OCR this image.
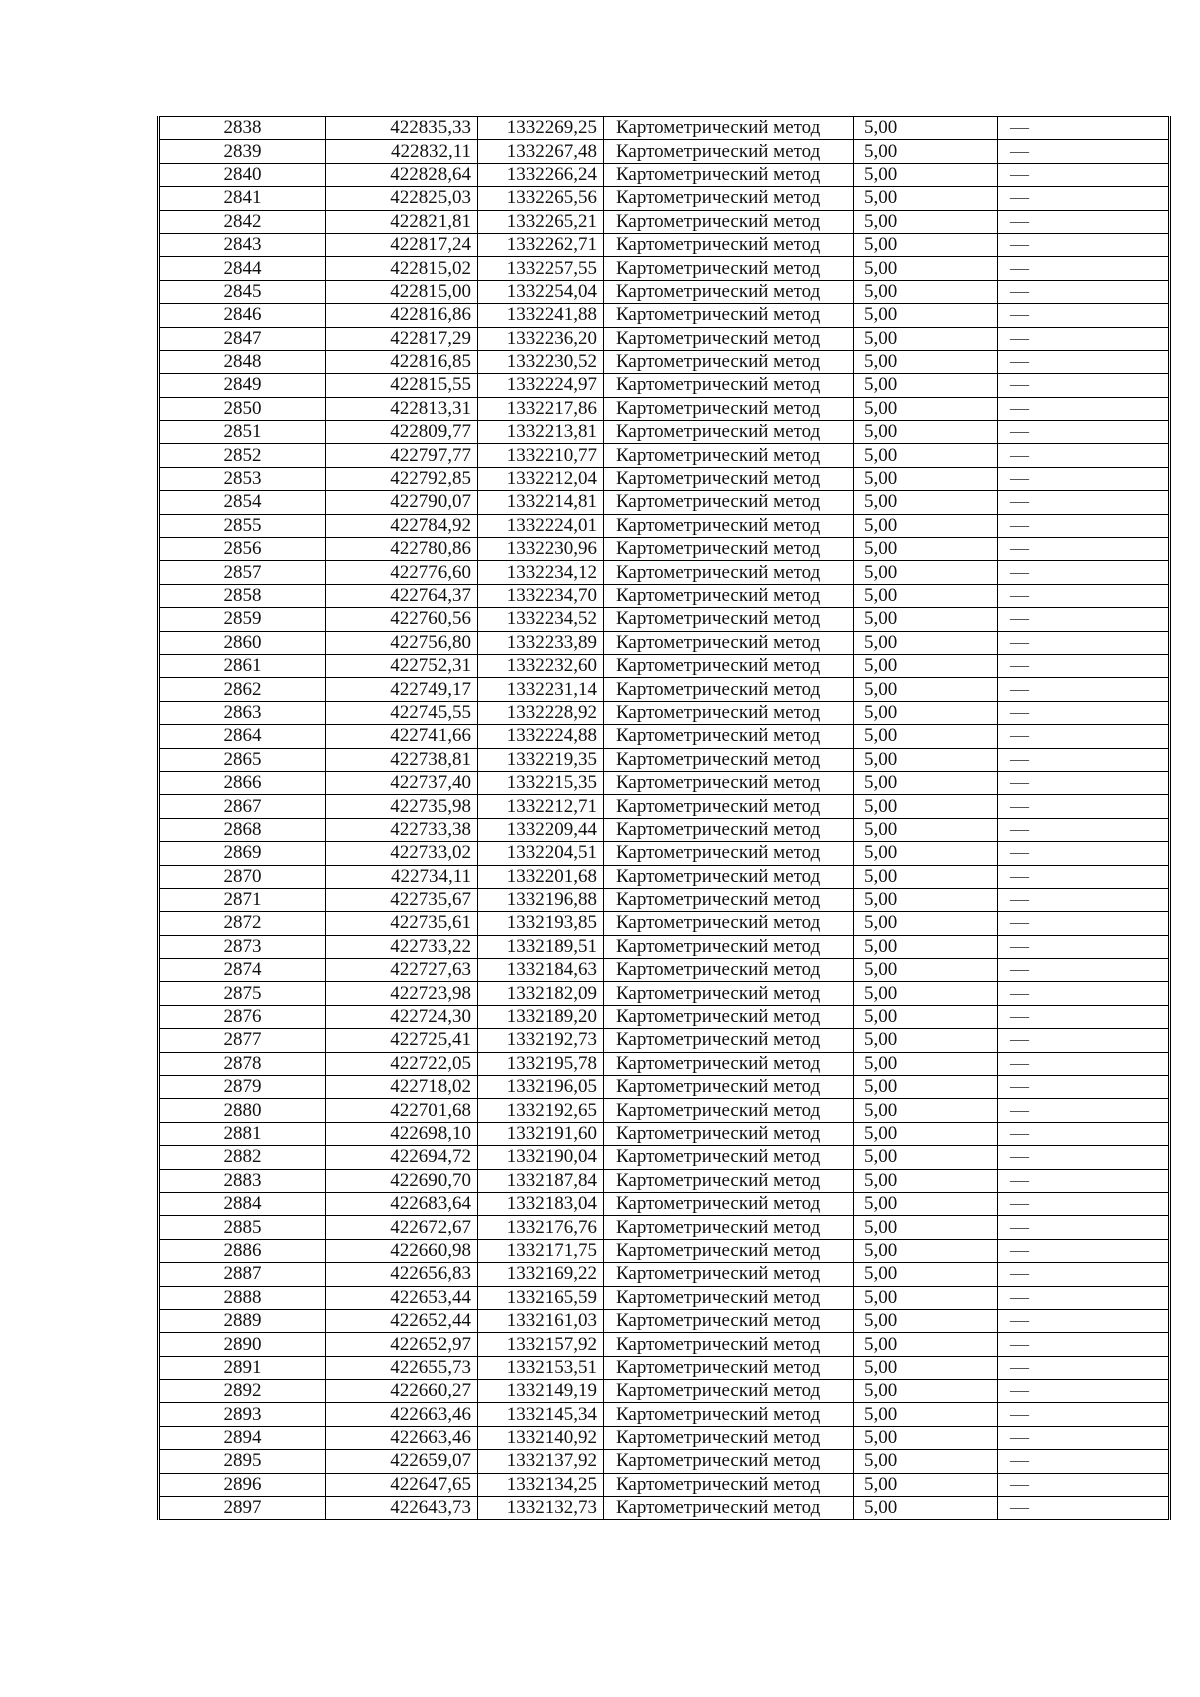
2838	422835,33	1332269,25	Картометрический метод	5,00	—
2839	422832,11	1332267,48	Картометрический метод	5,00	—
2840	422828,64	1332266,24	Картометрический метод	5,00	—
2841	422825,03	1332265,56	Картометрический метод	5,00	—
2842	422821,81	1332265,21	Картометрический метод	5,00	—
2843	422817,24	1332262,71	Картометрический метод	5,00	—
2844	422815,02	1332257,55	Картометрический метод	5,00	—
2845	422815,00	1332254,04	Картометрический метод	5,00	—
2846	422816,86	1332241,88	Картометрический метод	5,00	—
2847	422817,29	1332236,20	Картометрический метод	5,00	—
2848	422816,85	1332230,52	Картометрический метод	5,00	—
2849	422815,55	1332224,97	Картометрический метод	5,00	—
2850	422813,31	1332217,86	Картометрический метод	5,00	—
2851	422809,77	1332213,81	Картометрический метод	5,00	—
2852	422797,77	1332210,77	Картометрический метод	5,00	—
2853	422792,85	1332212,04	Картометрический метод	5,00	—
2854	422790,07	1332214,81	Картометрический метод	5,00	—
2855	422784,92	1332224,01	Картометрический метод	5,00	—
2856	422780,86	1332230,96	Картометрический метод	5,00	—
2857	422776,60	1332234,12	Картометрический метод	5,00	—
2858	422764,37	1332234,70	Картометрический метод	5,00	—
2859	422760,56	1332234,52	Картометрический метод	5,00	—
2860	422756,80	1332233,89	Картометрический метод	5,00	—
2861	422752,31	1332232,60	Картометрический метод	5,00	—
2862	422749,17	1332231,14	Картометрический метод	5,00	—
2863	422745,55	1332228,92	Картометрический метод	5,00	—
2864	422741,66	1332224,88	Картометрический метод	5,00	—
2865	422738,81	1332219,35	Картометрический метод	5,00	—
2866	422737,40	1332215,35	Картометрический метод	5,00	—
2867	422735,98	1332212,71	Картометрический метод	5,00	—
2868	422733,38	1332209,44	Картометрический метод	5,00	—
2869	422733,02	1332204,51	Картометрический метод	5,00	—
2870	422734,11	1332201,68	Картометрический метод	5,00	—
2871	422735,67	1332196,88	Картометрический метод	5,00	—
2872	422735,61	1332193,85	Картометрический метод	5,00	—
2873	422733,22	1332189,51	Картометрический метод	5,00	—
2874	422727,63	1332184,63	Картометрический метод	5,00	—
2875	422723,98	1332182,09	Картометрический метод	5,00	—
2876	422724,30	1332189,20	Картометрический метод	5,00	—
2877	422725,41	1332192,73	Картометрический метод	5,00	—
2878	422722,05	1332195,78	Картометрический метод	5,00	—
2879	422718,02	1332196,05	Картометрический метод	5,00	—
2880	422701,68	1332192,65	Картометрический метод	5,00	—
2881	422698,10	1332191,60	Картометрический метод	5,00	—
2882	422694,72	1332190,04	Картометрический метод	5,00	—
2883	422690,70	1332187,84	Картометрический метод	5,00	—
2884	422683,64	1332183,04	Картометрический метод	5,00	—
2885	422672,67	1332176,76	Картометрический метод	5,00	—
2886	422660,98	1332171,75	Картометрический метод	5,00	—
2887	422656,83	1332169,22	Картометрический метод	5,00	—
2888	422653,44	1332165,59	Картометрический метод	5,00	—
2889	422652,44	1332161,03	Картометрический метод	5,00	—
2890	422652,97	1332157,92	Картометрический метод	5,00	—
2891	422655,73	1332153,51	Картометрический метод	5,00	—
2892	422660,27	1332149,19	Картометрический метод	5,00	—
2893	422663,46	1332145,34	Картометрический метод	5,00	—
2894	422663,46	1332140,92	Картометрический метод	5,00	—
2895	422659,07	1332137,92	Картометрический метод	5,00	—
2896	422647,65	1332134,25	Картометрический метод	5,00	—
2897	422643,73	1332132,73	Картометрический метод	5,00	—
